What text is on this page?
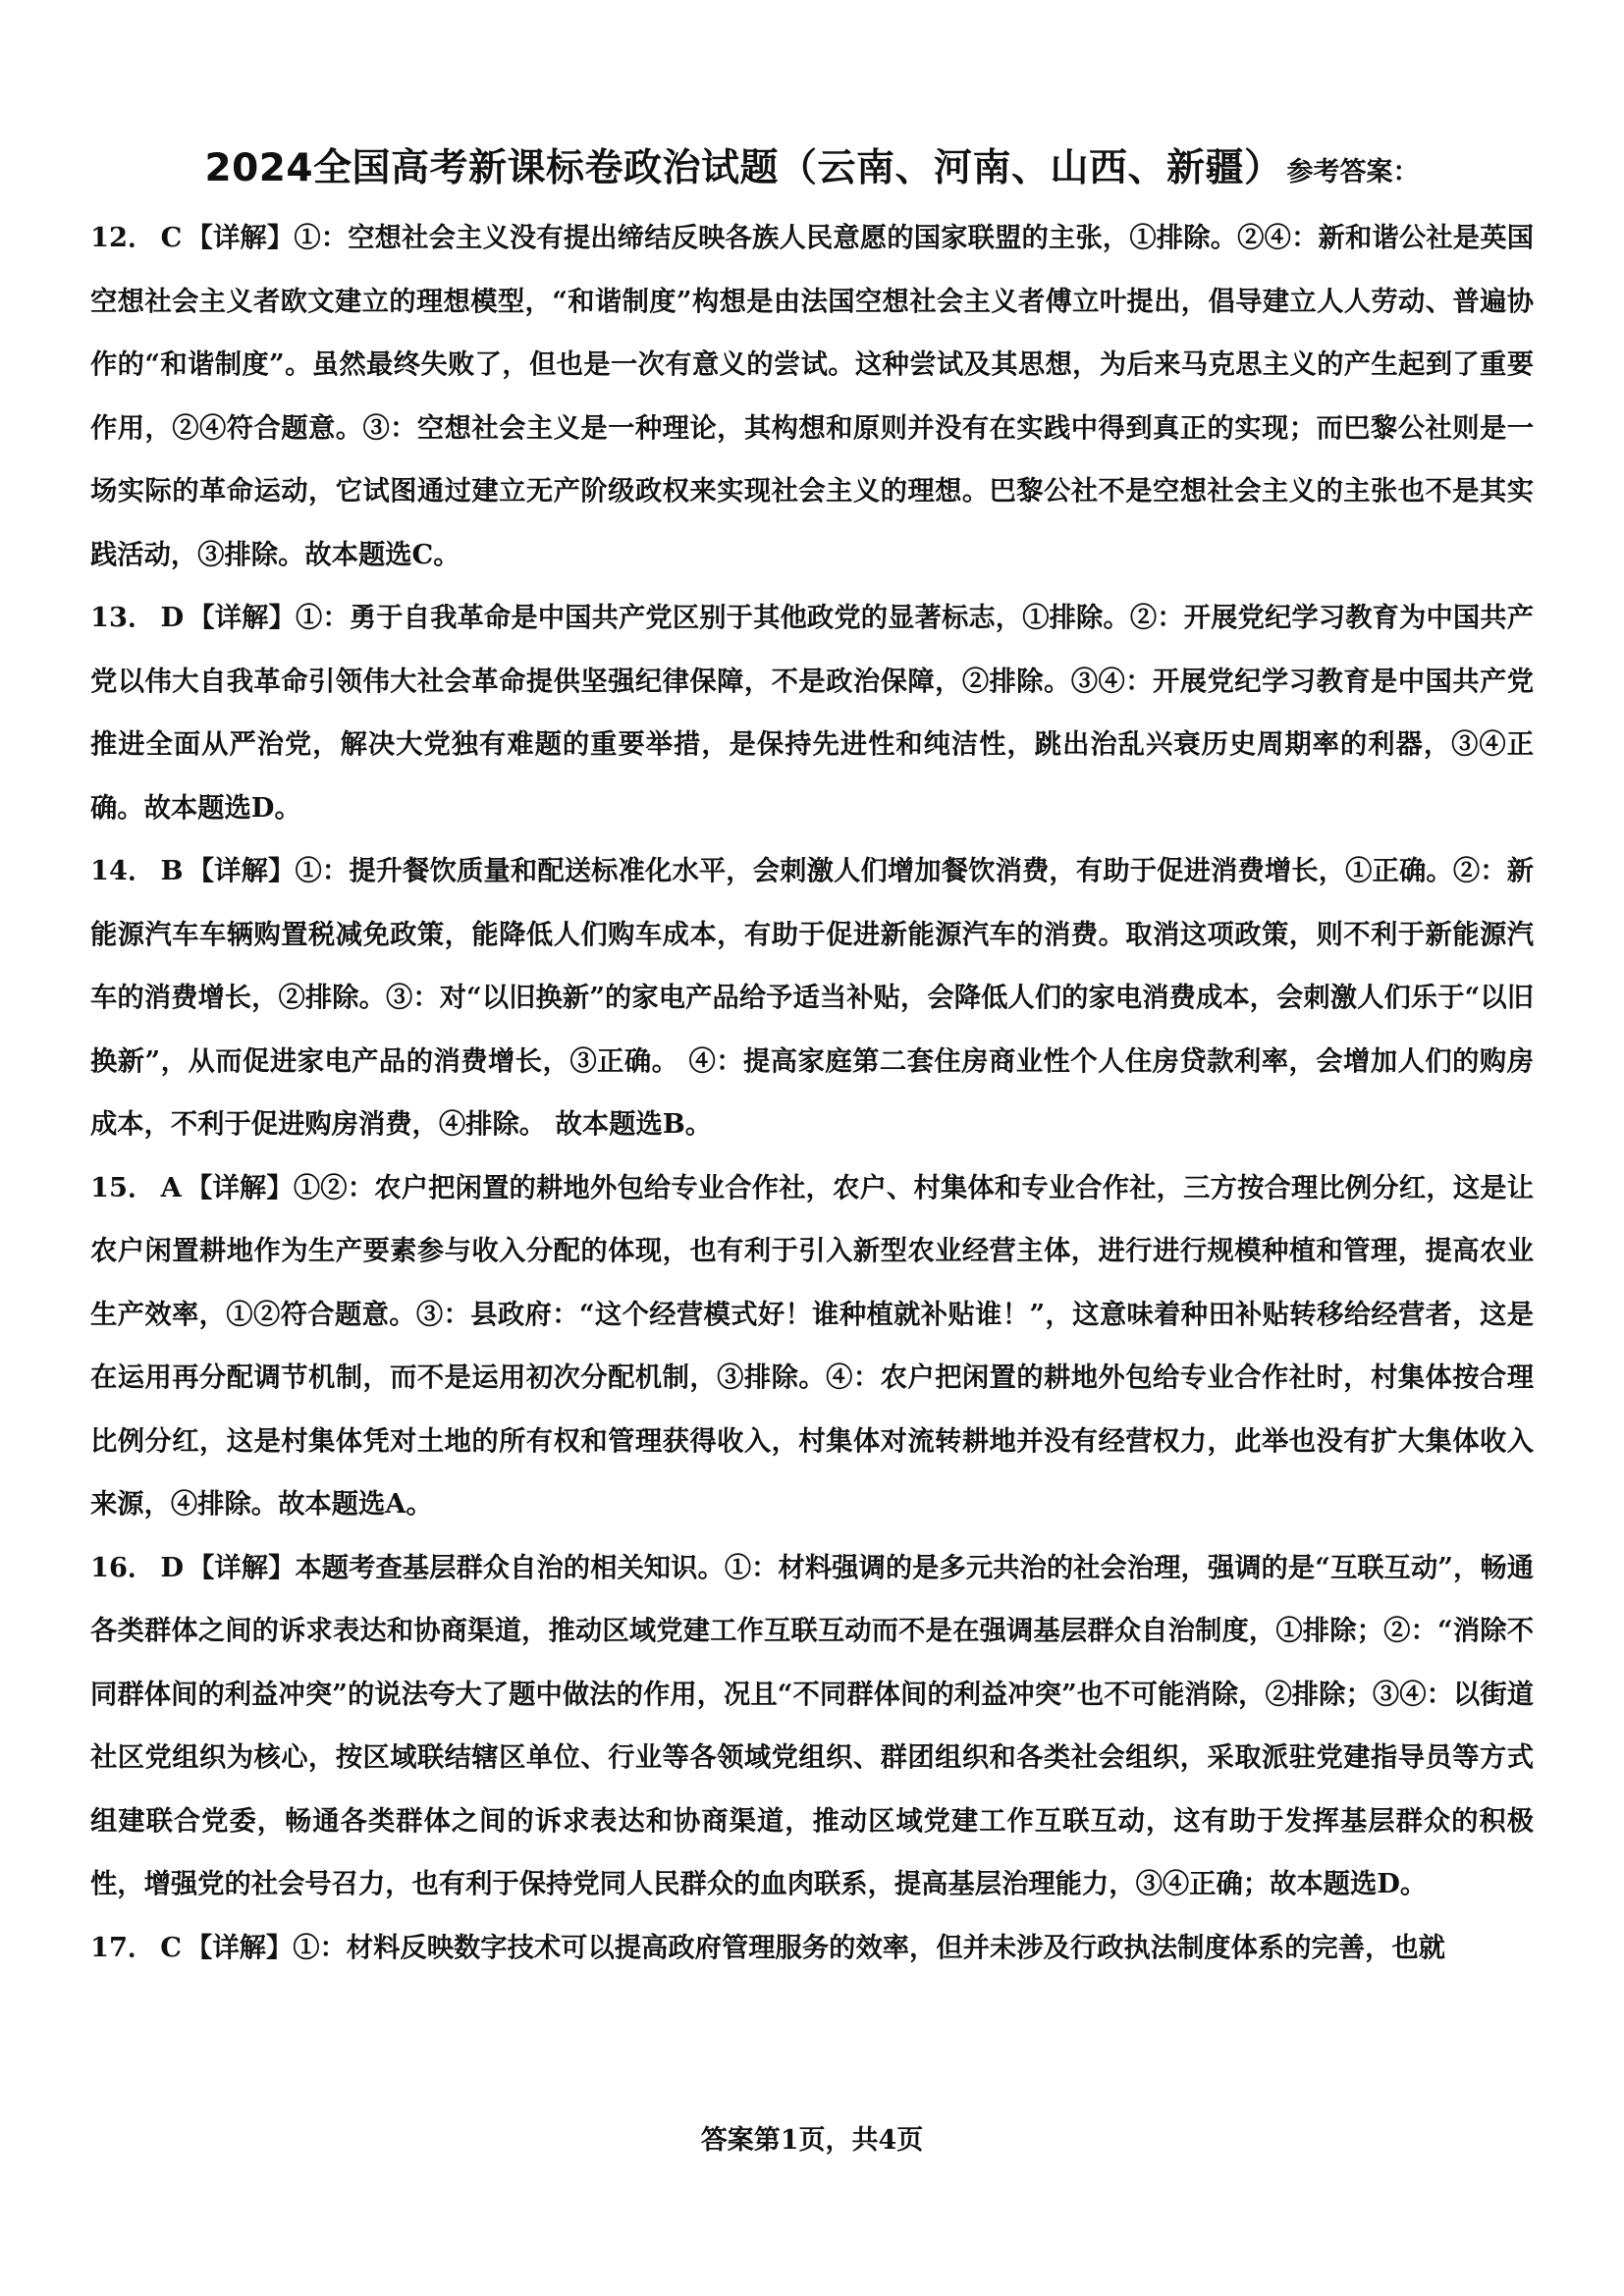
2024全国高考新课标卷政治试题（云南、河南、山西、新疆） 参考答案：

12． C 【详解】①：空想社会主义没有提出缔结反映各族人民意愿的国家联盟的主张，①排除。②④：新和谐公社是英国空想社会主义者欧文建立的理想模型，“和谐制度”构想是由法国空想社会主义者傅立叶提出，倡导建立人人劳动、普遍协作的“和谐制度”。虽然最终失败了，但也是一次有意义的尝试。这种尝试及其思想，为后来马克思主义的产生起到了重要作用，②④符合题意。③：空想社会主义是一种理论，其构想和原则并没有在实践中得到真正的实现；而巴黎公社则是一场实际的革命运动，它试图通过建立无产阶级政权来实现社会主义的理想。巴黎公社不是空想社会主义的主张也不是其实践活动，③排除。故本题选C。

13． D 【详解】①：勇于自我革命是中国共产党区别于其他政党的显著标志，①排除。②：开展党纪学习教育为中国共产党以伟大自我革命引领伟大社会革命提供坚强纪律保障，不是政治保障，②排除。③④：开展党纪学习教育是中国共产党推进全面从严治党，解决大党独有难题的重要举措，是保持先进性和纯洁性，跳出治乱兴衰历史周期率的利器，③④正确。故本题选D。

14． B 【详解】①：提升餐饮质量和配送标准化水平，会刺激人们增加餐饮消费，有助于促进消费增长，①正确。②：新能源汽车车辆购置税减免政策，能降低人们购车成本，有助于促进新能源汽车的消费。取消这项政策，则不利于新能源汽车的消费增长，②排除。③：对“以旧换新”的家电产品给予适当补贴，会降低人们的家电消费成本，会刺激人们乐于“以旧换新”，从而促进家电产品的消费增长，③正确。 ④：提高家庭第二套住房商业性个人住房贷款利率，会增加人们的购房成本，不利于促进购房消费，④排除。 故本题选B。

15． A 【详解】①②：农户把闲置的耕地外包给专业合作社，农户、村集体和专业合作社，三方按合理比例分红，这是让农户闲置耕地作为生产要素参与收入分配的体现，也有利于引入新型农业经营主体，进行进行规模种植和管理，提高农业生产效率，①②符合题意。③：县政府：“这个经营模式好！谁种植就补贴谁！”，这意味着种田补贴转移给经营者，这是在运用再分配调节机制，而不是运用初次分配机制，③排除。④：农户把闲置的耕地外包给专业合作社时，村集体按合理比例分红，这是村集体凭对土地的所有权和管理获得收入，村集体对流转耕地并没有经营权力，此举也没有扩大集体收入来源，④排除。故本题选A。

16． D 【详解】本题考查基层群众自治的相关知识。①：材料强调的是多元共治的社会治理，强调的是“互联互动”，畅通各类群体之间的诉求表达和协商渠道，推动区域党建工作互联互动而不是在强调基层群众自治制度，①排除；②：“消除不同群体间的利益冲突”的说法夸大了题中做法的作用，况且“不同群体间的利益冲突”也不可能消除，②排除；③④：以街道社区党组织为核心，按区域联结辖区单位、行业等各领域党组织、群团组织和各类社会组织，采取派驻党建指导员等方式组建联合党委，畅通各类群体之间的诉求表达和协商渠道，推动区域党建工作互联互动，这有助于发挥基层群众的积极性，增强党的社会号召力，也有利于保持党同人民群众的血肉联系，提高基层治理能力，③④正确；故本题选D。

17． C 【详解】①：材料反映数字技术可以提高政府管理服务的效率，但并未涉及行政执法制度体系的完善，也就

答案第1页，共4页
